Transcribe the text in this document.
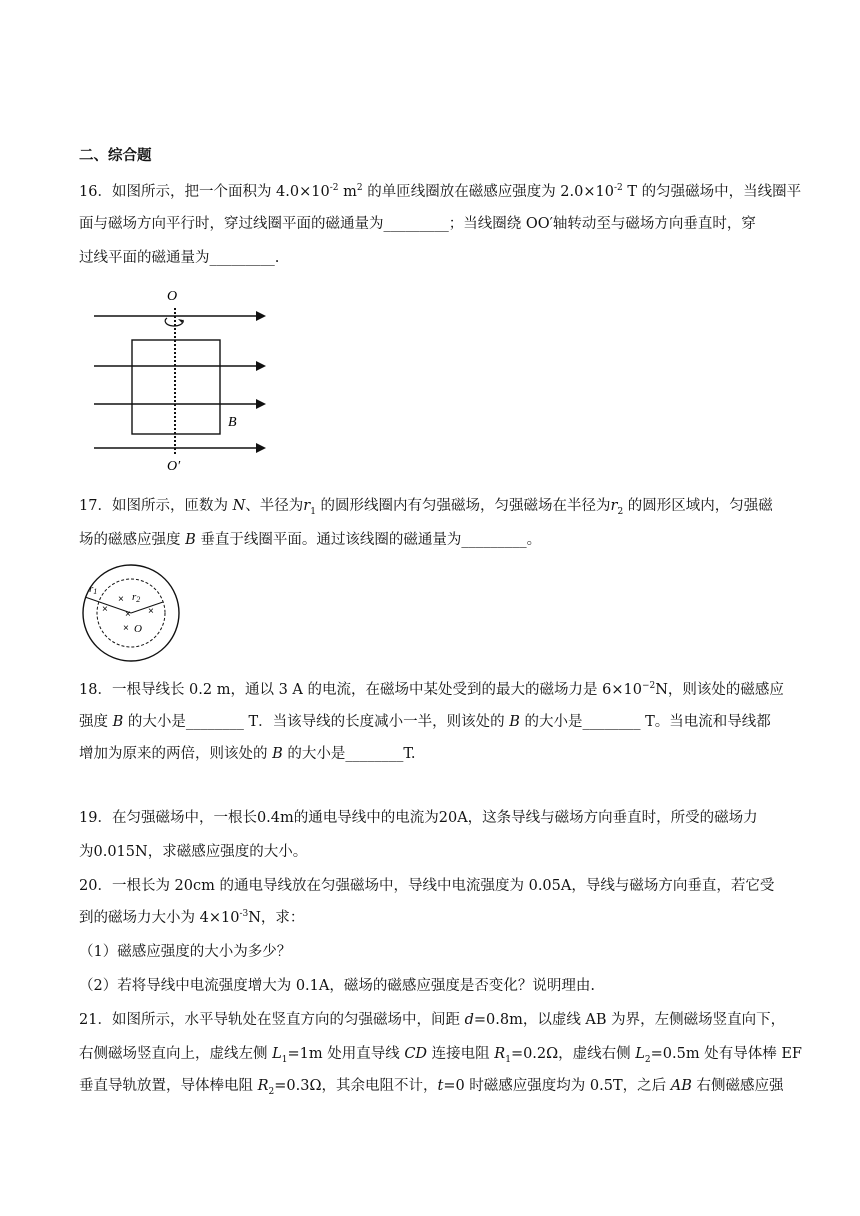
二、综合题
16．如图所示，把一个面积为 $4.0\times 10^{-2}$ $m^2$ 的单匝线圈放在磁感应强度为 $2.0\times 10^{-2}$ T 的匀强磁场中，当线圈平
面与磁场方向平行时，穿过线圈平面的磁通量为_________；当线圈绕 OO′轴转动至与磁场方向垂直时，穿
过线平面的磁通量为_________.
O
O′
B
17．如图所示，匝数为 N、半径为$r_1$ 的圆形线圈内有匀强磁场，匀强磁场在半径为$r_2$ 的圆形区域内，匀强磁
场的磁感应强度 B 垂直于线圈平面。通过该线圈的磁通量为_________。
r1	r2
×
× × ×
× O
18．一根导线长 0.2 m，通以 3 A 的电流，在磁场中某处受到的最大的磁场力是 $6\times 10^{-2}N$，则该处的磁感应
强度 B 的大小是________ T．当该导线的长度减小一半，则该处的 B 的大小是________ T。当电流和导线都
增加为原来的两倍，则该处的 B 的大小是________T.
19．在匀强磁场中，一根长0.4m的通电导线中的电流为20A，这条导线与磁场方向垂直时，所受的磁场力
为0.015N，求磁感应强度的大小。
20．一根长为 20cm 的通电导线放在匀强磁场中，导线中电流强度为 0.05A，导线与磁场方向垂直，若它受
到的磁场力大小为 $4\times 10^{-3}N$，求：
（1）磁感应强度的大小为多少？
（2）若将导线中电流强度增大为 0.1A，磁场的磁感应强度是否变化？说明理由.
21．如图所示，水平导轨处在竖直方向的匀强磁场中，间距 d=0.8m，以虚线 AB 为界，左侧磁场竖直向下，
右侧磁场竖直向上，虚线左侧 $L_1=1m$ 处用直导线 CD 连接电阻 $R_1=0.2\Omega$，虚线右侧 $L_2=0.5m$ 处有导体棒 EF
垂直导轨放置，导体棒电阻 $R_2=0.3\Omega$，其余电阻不计，t=0 时磁感应强度均为 0.5T，之后 AB 右侧磁感应强
